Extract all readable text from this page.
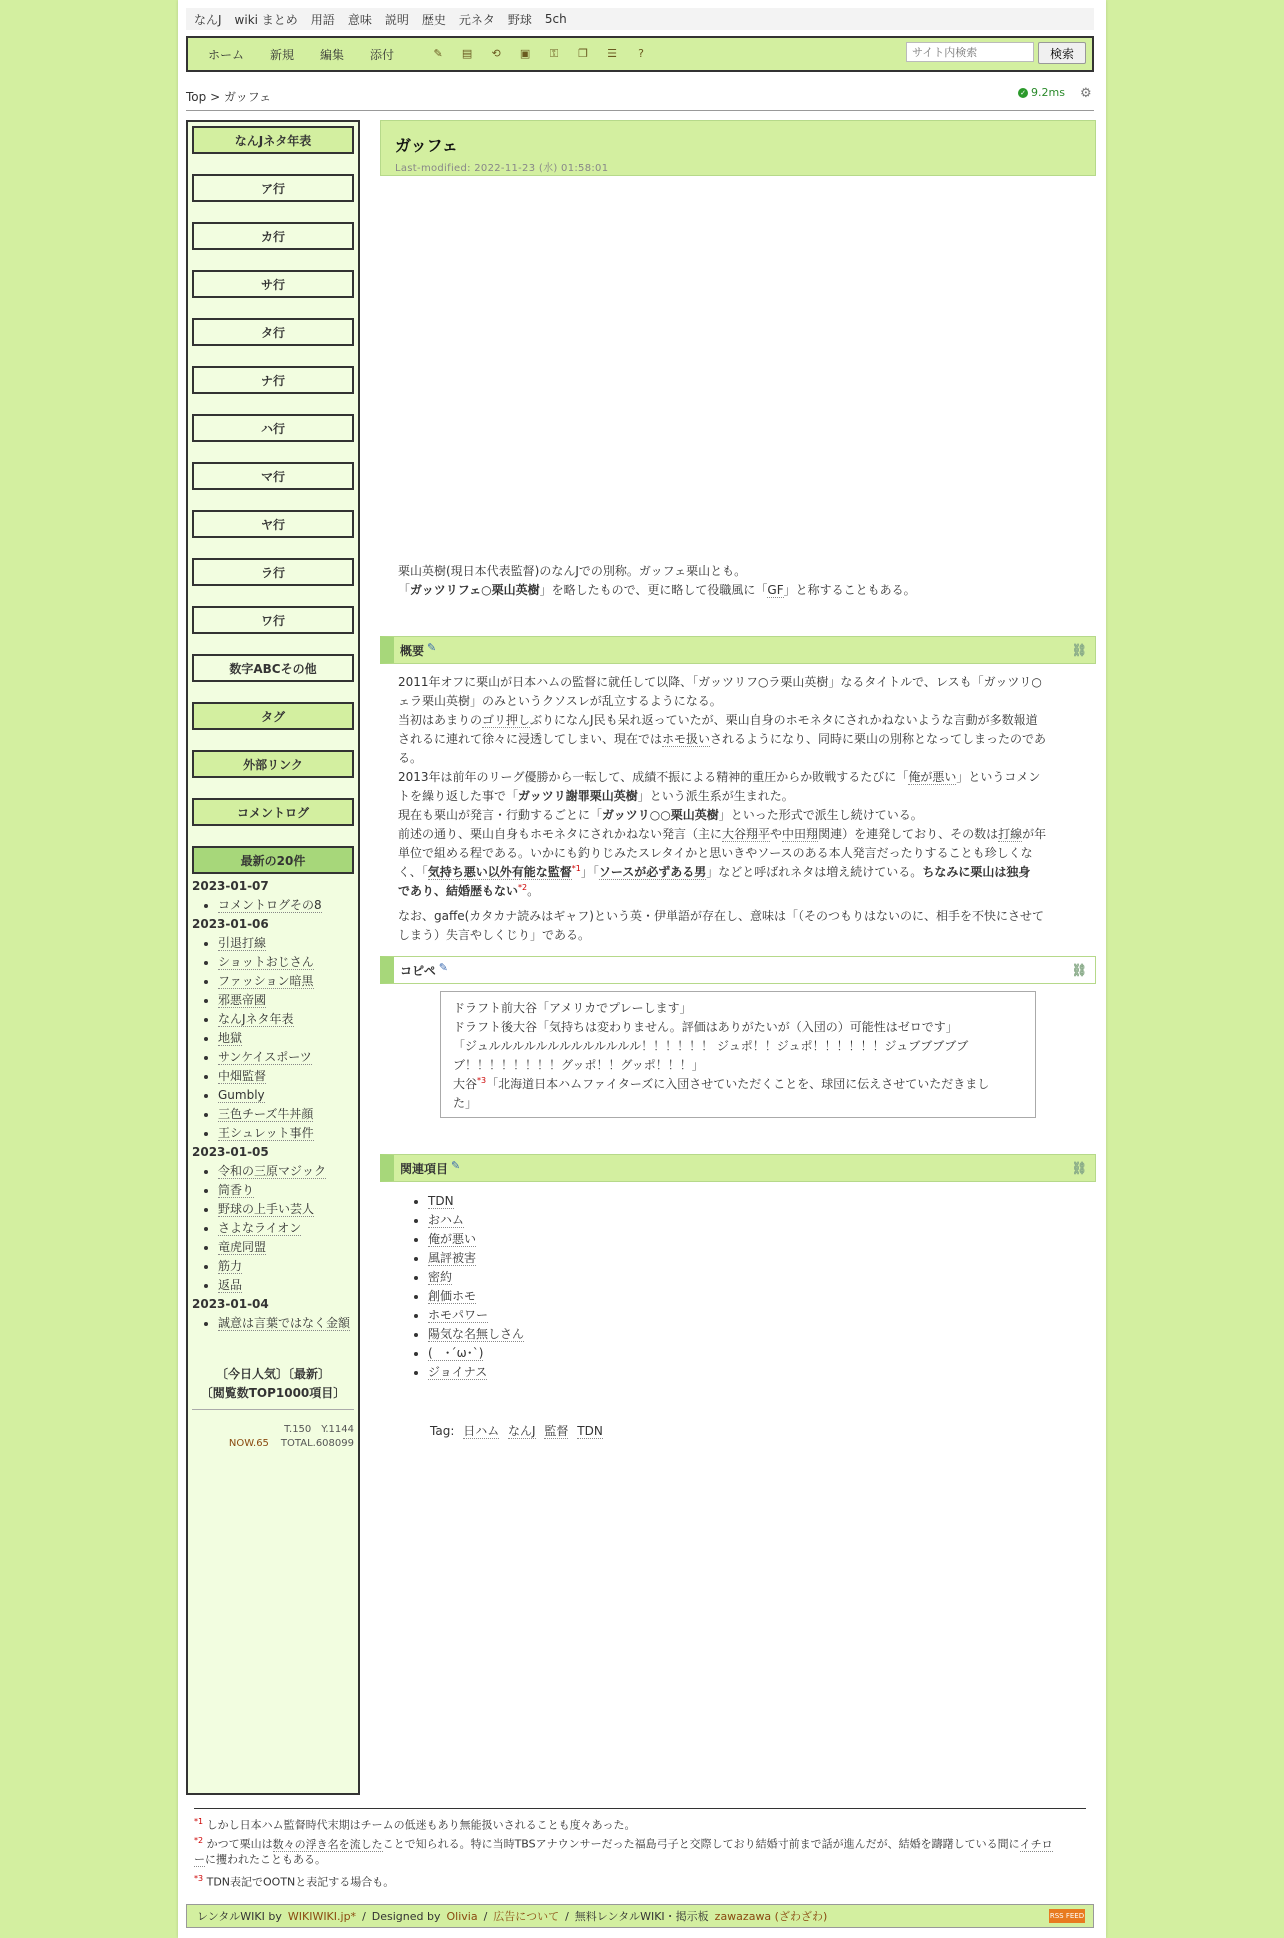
なんJ wiki まとめ 用語 意味 説明 歴史 元ネタ 野球 5ch
ホーム 新規 編集 添付	✎ ▤ ⟲ ▣ ⚿ ❐ ☰ ?
サイト内検索	検索
Top > ガッフェ	✓ 9.2ms ⚙
なんJネタ年表
ア行
カ行
サ行
タ行
ナ行
ハ行
マ行
ヤ行
ラ行
ワ行
数字ABCその他
タグ
外部リンク
コメントログ
最新の20件
2023-01-07
• コメントログその8
2023-01-06
• 引退打線
• ショットおじさん
• ファッション暗黒
• 邪悪帝國
• なんJネタ年表
• 地獄
• サンケイスポーツ
• 中畑監督
• Gumbly
• 三色チーズ牛丼顔
• 王シュレット事件
2023-01-05
• 令和の三原マジック
• 筒香り
• 野球の上手い芸人
• さよなライオン
• 竜虎同盟
• 筋力
• 返品
2023-01-04
• 誠意は言葉ではなく金額
〔今日人気〕〔最新〕
〔閲覧数TOP1000項目〕
T.150　Y.1144
NOW.65 TOTAL.608099
ガッフェ
Last-modified: 2022-11-23 (水) 01:58:01
栗山英樹(現日本代表監督)のなんJでの別称。ガッフェ栗山とも。
「ガッツリフェ○栗山英樹」を略したもので、更に略して役職風に「GF」と称することもある。
概要 ✎	⛓
2011年オフに栗山が日本ハムの監督に就任して以降、「ガッツリフ○ラ栗山英樹」なるタイトルで、レスも「ガッツリ○
ェラ栗山英樹」のみというクソスレが乱立するようになる。
当初はあまりのゴリ押しぶりになんJ民も呆れ返っていたが、栗山自身のホモネタにされかねないような言動が多数報道
されるに連れて徐々に浸透してしまい、現在ではホモ扱いされるようになり、同時に栗山の別称となってしまったのであ
る。
2013年は前年のリーグ優勝から一転して、成績不振による精神的重圧からか敗戦するたびに「俺が悪い」というコメン
トを繰り返した事で「ガッツリ謝罪栗山英樹」という派生系が生まれた。
現在も栗山が発言・行動するごとに「ガッツリ○○栗山英樹」といった形式で派生し続けている。
前述の通り、栗山自身もホモネタにされかねない発言（主に大谷翔平や中田翔関連）を連発しており、その数は打線が年
単位で組める程である。いかにも釣りじみたスレタイかと思いきやソースのある本人発言だったりすることも珍しくな
く、「気持ち悪い以外有能な監督$^{*1}$」「ソースが必ずある男」などと呼ばれネタは増え続けている。ちなみに栗山は独身
であり、結婚歴もない$^{*2}$。
なお、gaffe(カタカナ読みはギャフ)という英・伊単語が存在し、意味は「（そのつもりはないのに、相手を不快にさせて
しまう）失言やしくじり」である。
コピペ ✎	⛓
ドラフト前大谷「アメリカでプレーします」
ドラフト後大谷「気持ちは変わりません。評価はありがたいが（入団の）可能性はゼロです」
「ジュルルルルルルルルルルルルル！！！！！！ ジュポ！！ジュポ！！！！！！ジュブブブブブ
ブ！！！！！！！！グッポ！！グッポ！！！」
大谷$^{*3}$「北海道日本ハムファイターズに入団させていただくことを、球団に伝えさせていただきまし
た」
関連項目 ✎	⛓
• TDN
• おハム
• 俺が悪い
• 風評被害
• 密約
• 創価ホモ
• ホモパワー
• 陽気な名無しさん
• (　･´ω･`)
• ジョイナス
Tag: 日ハム なんJ 監督 TDN
$^{*1}$ しかし日本ハム監督時代末期はチームの低迷もあり無能扱いされることも度々あった。
$^{*2}$ かつて栗山は数々の浮き名を流したことで知られる。特に当時TBSアナウンサーだった福島弓子と交際しており結婚寸前まで話が進んだが、結婚を躊躇している間にイチロ
ーに攫われたこともある。
$^{*3}$ TDN表記でOOTNと表記する場合も。
レンタルWIKI by WIKIWIKI.jp* / Designed by Olivia / 広告について / 無料レンタルWIKI・掲示板 zawazawa (ざわざわ)	RSS FEED
